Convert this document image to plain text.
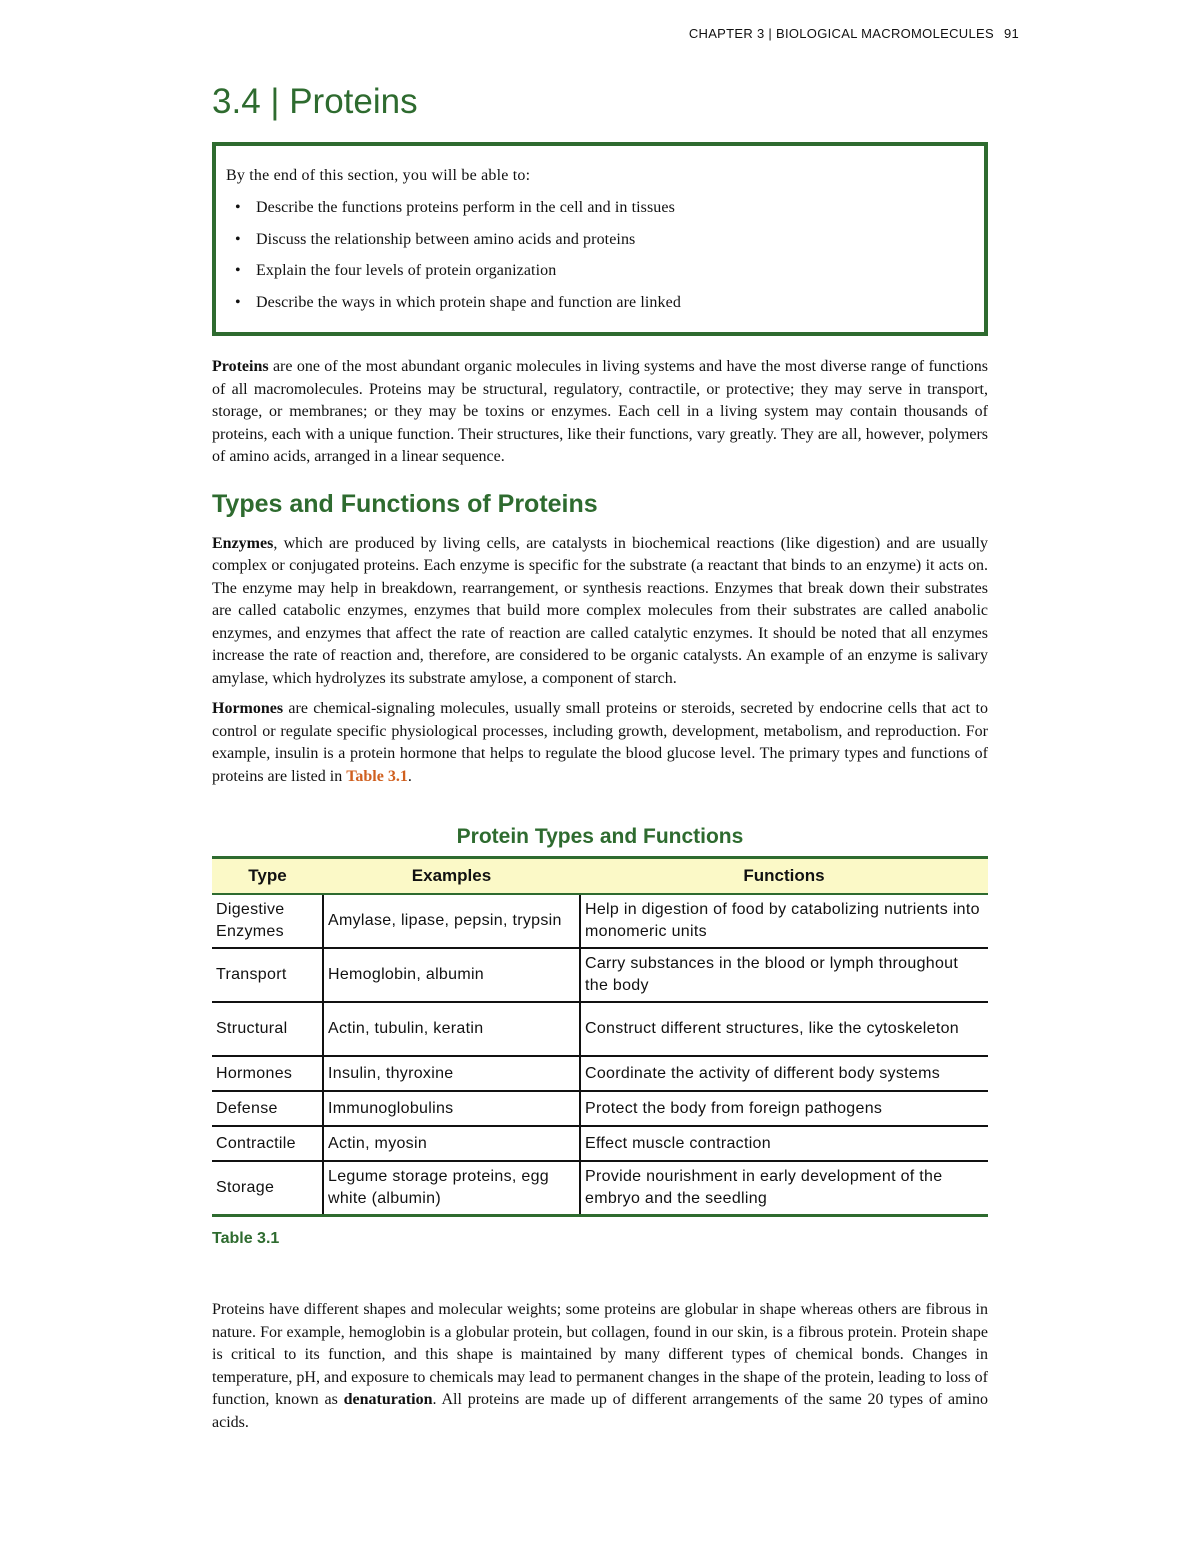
CHAPTER 3 | BIOLOGICAL MACROMOLECULES 91
3.4 | Proteins

By the end of this section, you will be able to:

• Describe the functions proteins perform in the cell and in tissues
• Discuss the relationship between amino acids and proteins
• Explain the four levels of protein organization
• Describe the ways in which protein shape and function are linked

Proteins are one of the most abundant organic molecules in living systems and have the most diverse range of functions of all macromolecules. Proteins may be structural, regulatory, contractile, or protective; they may serve in transport, storage, or membranes; or they may be toxins or enzymes. Each cell in a living system may contain thousands of proteins, each with a unique function. Their structures, like their functions, vary greatly. They are all, however, polymers of amino acids, arranged in a linear sequence.

Types and Functions of Proteins

Enzymes, which are produced by living cells, are catalysts in biochemical reactions (like digestion) and are usually complex or conjugated proteins. Each enzyme is specific for the substrate (a reactant that binds to an enzyme) it acts on. The enzyme may help in breakdown, rearrangement, or synthesis reactions. Enzymes that break down their substrates are called catabolic enzymes, enzymes that build more complex molecules from their substrates are called anabolic enzymes, and enzymes that affect the rate of reaction are called catalytic enzymes. It should be noted that all enzymes increase the rate of reaction and, therefore, are considered to be organic catalysts. An example of an enzyme is salivary amylase, which hydrolyzes its substrate amylose, a component of starch.

Hormones are chemical-signaling molecules, usually small proteins or steroids, secreted by endocrine cells that act to control or regulate specific physiological processes, including growth, development, metabolism, and reproduction. For example, insulin is a protein hormone that helps to regulate the blood glucose level. The primary types and functions of proteins are listed in Table 3.1.

Protein Types and Functions
Type	Examples	Functions
Digestive Enzymes	Amylase, lipase, pepsin, trypsin	Help in digestion of food by catabolizing nutrients into monomeric units
Transport	Hemoglobin, albumin	Carry substances in the blood or lymph throughout the body
Structural	Actin, tubulin, keratin	Construct different structures, like the cytoskeleton
Hormones	Insulin, thyroxine	Coordinate the activity of different body systems
Defense	Immunoglobulins	Protect the body from foreign pathogens
Contractile	Actin, myosin	Effect muscle contraction
Storage	Legume storage proteins, egg white (albumin)	Provide nourishment in early development of the embryo and the seedling
Table 3.1

Proteins have different shapes and molecular weights; some proteins are globular in shape whereas others are fibrous in nature. For example, hemoglobin is a globular protein, but collagen, found in our skin, is a fibrous protein. Protein shape is critical to its function, and this shape is maintained by many different types of chemical bonds. Changes in temperature, pH, and exposure to chemicals may lead to permanent changes in the shape of the protein, leading to loss of function, known as denaturation. All proteins are made up of different arrangements of the same 20 types of amino acids.
